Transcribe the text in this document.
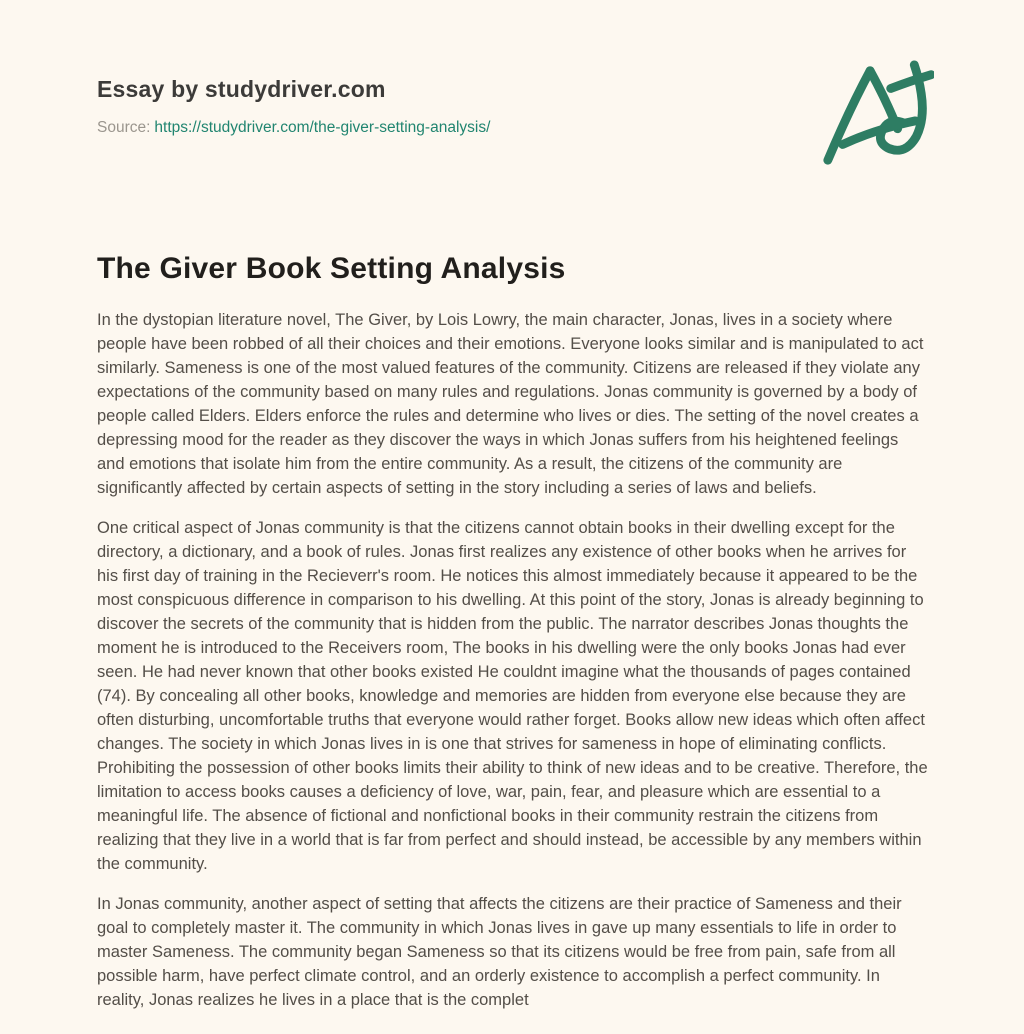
Essay by studydriver.com
Source: https://studydriver.com/the-giver-setting-analysis/
The Giver Book Setting Analysis

In the dystopian literature novel, The Giver, by Lois Lowry, the main character, Jonas, lives in a society where people have been robbed of all their choices and their emotions. Everyone looks similar and is manipulated to act similarly. Sameness is one of the most valued features of the community. Citizens are released if they violate any expectations of the community based on many rules and regulations. Jonas community is governed by a body of people called Elders. Elders enforce the rules and determine who lives or dies. The setting of the novel creates a depressing mood for the reader as they discover the ways in which Jonas suffers from his heightened feelings and emotions that isolate him from the entire community. As a result, the citizens of the community are significantly affected by certain aspects of setting in the story including a series of laws and beliefs.

One critical aspect of Jonas community is that the citizens cannot obtain books in their dwelling except for the directory, a dictionary, and a book of rules. Jonas first realizes any existence of other books when he arrives for his first day of training in the Recieverr's room. He notices this almost immediately because it appeared to be the most conspicuous difference in comparison to his dwelling. At this point of the story, Jonas is already beginning to discover the secrets of the community that is hidden from the public. The narrator describes Jonas thoughts the moment he is introduced to the Receivers room, The books in his dwelling were the only books Jonas had ever seen. He had never known that other books existed He couldnt imagine what the thousands of pages contained (74). By concealing all other books, knowledge and memories are hidden from everyone else because they are often disturbing, uncomfortable truths that everyone would rather forget. Books allow new ideas which often affect changes. The society in which Jonas lives in is one that strives for sameness in hope of eliminating conflicts. Prohibiting the possession of other books limits their ability to think of new ideas and to be creative. Therefore, the limitation to access books causes a deficiency of love, war, pain, fear, and pleasure which are essential to a meaningful life. The absence of fictional and nonfictional books in their community restrain the citizens from realizing that they live in a world that is far from perfect and should instead, be accessible by any members within the community.

In Jonas community, another aspect of setting that affects the citizens are their practice of Sameness and their goal to completely master it. The community in which Jonas lives in gave up many essentials to life in order to master Sameness. The community began Sameness so that its citizens would be free from pain, safe from all possible harm, have perfect climate control, and an orderly existence to accomplish a perfect community. In reality, Jonas realizes he lives in a place that is the complet
